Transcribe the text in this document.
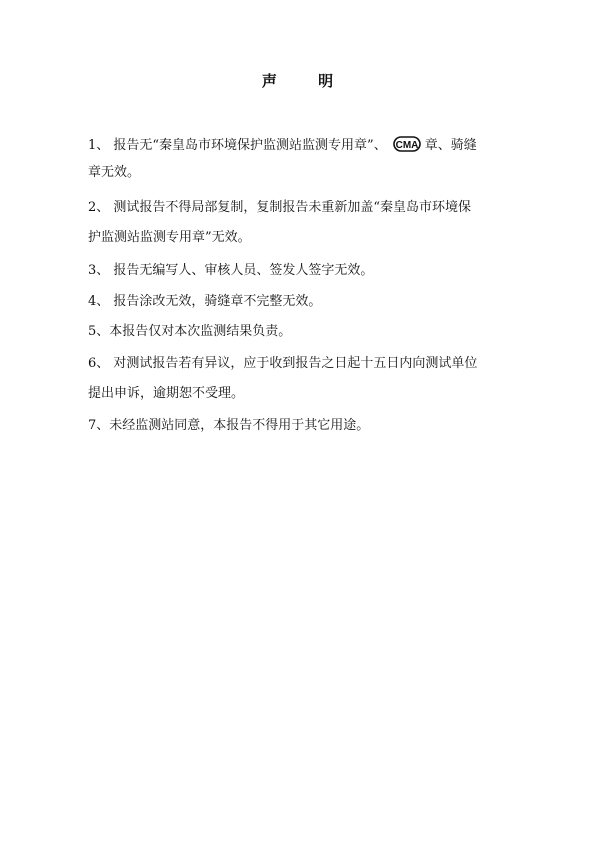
声 明
1、 报告无“秦皇岛市环境保护监测站监测专用章”、 CMA 章、骑缝
章无效。
2、 测试报告不得局部复制，复制报告未重新加盖“秦皇岛市环境保
护监测站监测专用章”无效。
3、 报告无编写人、审核人员、签发人签字无效。
4、 报告涂改无效，骑缝章不完整无效。
5、本报告仅对本次监测结果负责。
6、 对测试报告若有异议，应于收到报告之日起十五日内向测试单位
提出申诉，逾期恕不受理。
7、未经监测站同意，本报告不得用于其它用途。
